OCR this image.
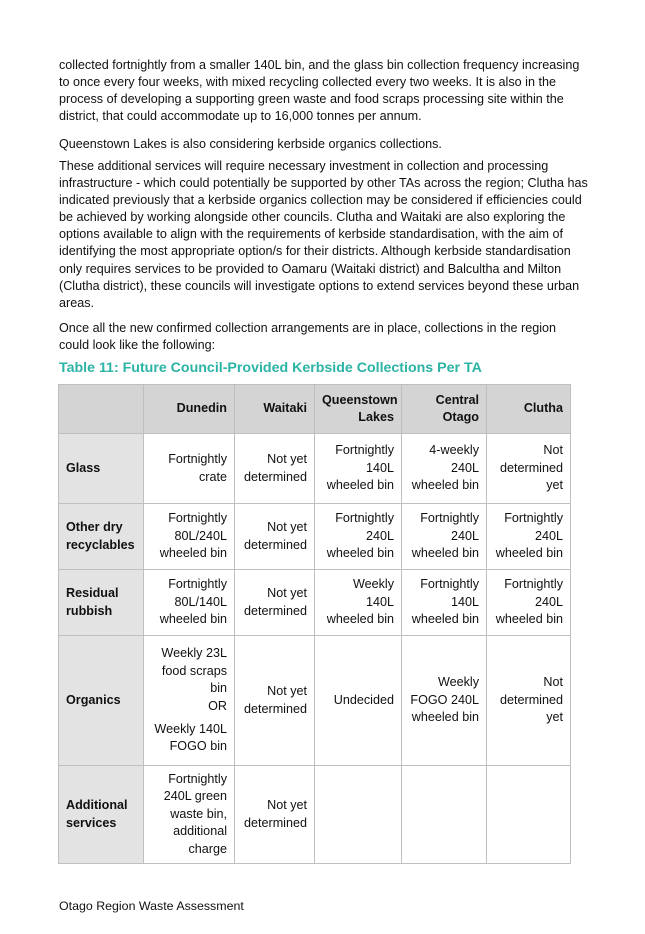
collected fortnightly from a smaller 140L bin, and the glass bin collection frequency increasing to once every four weeks, with mixed recycling collected every two weeks. It is also in the process of developing a supporting green waste and food scraps processing site within the district, that could accommodate up to 16,000 tonnes per annum.

Queenstown Lakes is also considering kerbside organics collections.

These additional services will require necessary investment in collection and processing infrastructure - which could potentially be supported by other TAs across the region; Clutha has indicated previously that a kerbside organics collection may be considered if efficiencies could be achieved by working alongside other councils. Clutha and Waitaki are also exploring the options available to align with the requirements of kerbside standardisation, with the aim of identifying the most appropriate option/s for their districts. Although kerbside standardisation only requires services to be provided to Oamaru (Waitaki district) and Balcultha and Milton (Clutha district), these councils will investigate options to extend services beyond these urban areas.

Once all the new confirmed collection arrangements are in place, collections in the region could look like the following:

Table 11: Future Council-Provided Kerbside Collections Per TA

	Dunedin	Waitaki	Queenstown Lakes	Central Otago	Clutha
Glass	Fortnightly crate	Not yet determined	Fortnightly 140L wheeled bin	4-weekly 240L wheeled bin	Not determined yet
Other dry recyclables	Fortnightly 80L/240L wheeled bin	Not yet determined	Fortnightly 240L wheeled bin	Fortnightly 240L wheeled bin	Fortnightly 240L wheeled bin
Residual rubbish	Fortnightly 80L/140L wheeled bin	Not yet determined	Weekly 140L wheeled bin	Fortnightly 140L wheeled bin	Fortnightly 240L wheeled bin
Organics	Weekly 23L food scraps bin
OR
Weekly 140L FOGO bin	Not yet determined	Undecided	Weekly FOGO 240L wheeled bin	Not determined yet
Additional services	Fortnightly 240L green waste bin, additional charge	Not yet determined			

Otago Region Waste Assessment
